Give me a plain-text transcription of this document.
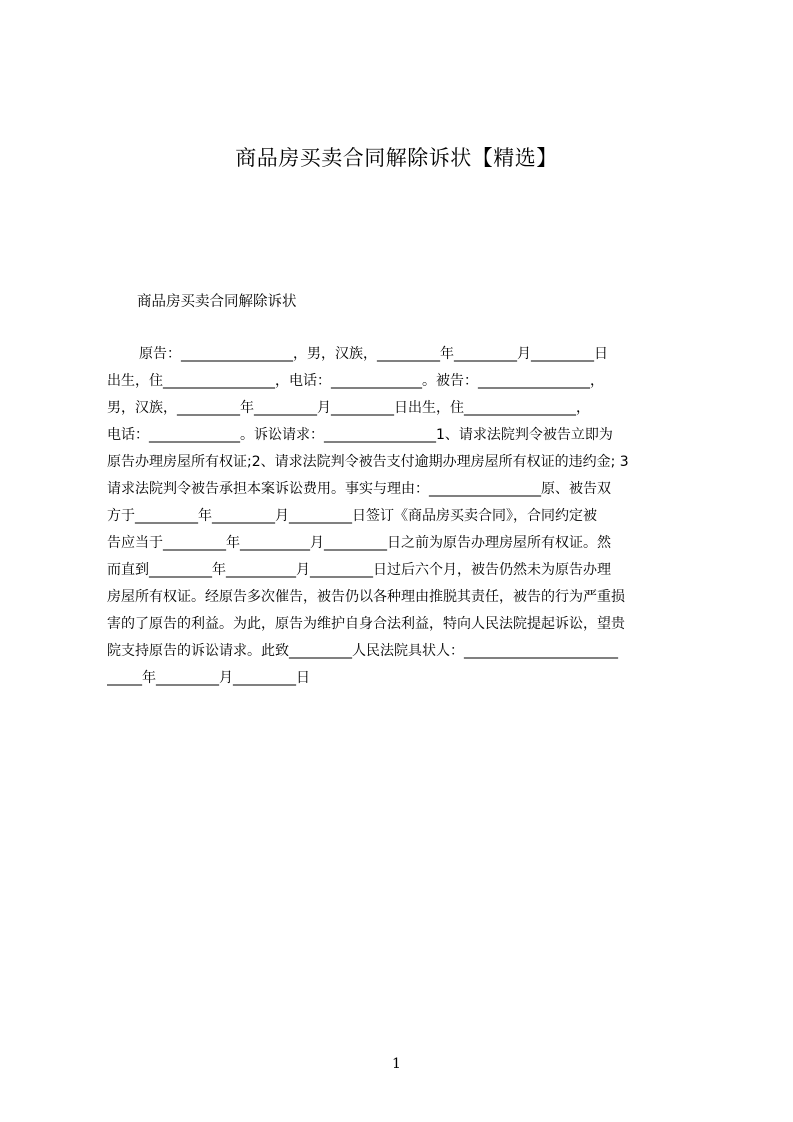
商品房买卖合同解除诉状【精选】
商品房买卖合同解除诉状
原告：________________，男，汉族，_________年_________月_________日
出生，住________________，电话：_____________。被告：________________，
男，汉族，_________年_________月_________日出生，住________________，
电话：_____________。诉讼请求：________________1、请求法院判令被告立即为
原告办理房屋所有权证;2、请求法院判令被告支付逾期办理房屋所有权证的违约金; 3
请求法院判令被告承担本案诉讼费用。事实与理由：________________原、被告双
方于_________年_________月_________日签订《商品房买卖合同》，合同约定被
告应当于_________年__________月_________日之前为原告办理房屋所有权证。然
而直到_________年__________月_________日过后六个月，被告仍然未为原告办理
房屋所有权证。经原告多次催告，被告仍以各种理由推脱其责任，被告的行为严重损
害的了原告的利益。为此，原告为维护自身合法利益，特向人民法院提起诉讼，望贵
院支持原告的诉讼请求。此致_________人民法院具状人：______________________
_____年_________月_________日
1
